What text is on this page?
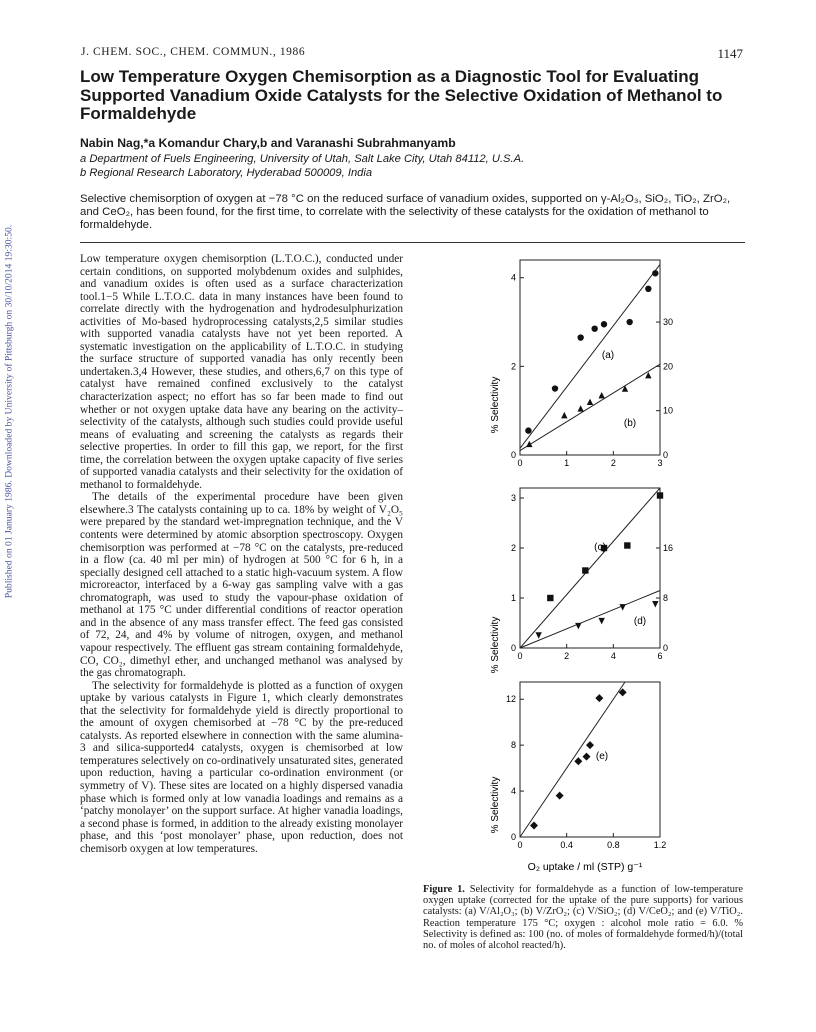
Published on 01 January 1986. Downloaded by University of Pittsburgh on 30/10/2014 19:30:50.
J. CHEM. SOC., CHEM. COMMUN., 1986	1147
Low Temperature Oxygen Chemisorption as a Diagnostic Tool for Evaluating Supported Vanadium Oxide Catalysts for the Selective Oxidation of Methanol to Formaldehyde
Nabin Nag,*a Komandur Chary,b and Varanashi Subrahmanyamb
a Department of Fuels Engineering, University of Utah, Salt Lake City, Utah 84112, U.S.A.
b Regional Research Laboratory, Hyderabad 500009, India
Selective chemisorption of oxygen at −78 °C on the reduced surface of vanadium oxides, supported on γ-Al₂O₃, SiO₂, TiO₂, ZrO₂, and CeO₂, has been found, for the first time, to correlate with the selectivity of these catalysts for the oxidation of methanol to formaldehyde.

Low temperature oxygen chemisorption (L.T.O.C.), conducted under certain conditions, on supported molybdenum oxides and sulphides, and vanadium oxides is often used as a surface characterization tool.1−5 While L.T.O.C. data in many instances have been found to correlate directly with the hydrogenation and hydrodesulphurization activities of Mo-based hydroprocessing catalysts,2,5 similar studies with supported vanadia catalysts have not yet been reported. A systematic investigation on the applicability of L.T.O.C. in studying the surface structure of supported vanadia has only recently been undertaken.3,4 However, these studies, and others,6,7 on this type of catalyst have remained confined exclusively to the catalyst characterization aspect; no effort has so far been made to find out whether or not oxygen uptake data have any bearing on the activity–selectivity of the catalysts, although such studies could provide useful means of evaluating and screening the catalysts as regards their selective properties. In order to fill this gap, we report, for the first time, the correlation between the oxygen uptake capacity of five series of supported vanadia catalysts and their selectivity for the oxidation of methanol to formaldehyde.

The details of the experimental procedure have been given elsewhere.3 The catalysts containing up to ca. 18% by weight of V₂O₅ were prepared by the standard wet-impregnation technique, and the V contents were determined by atomic absorption spectroscopy. Oxygen chemisorption was performed at −78 °C on the catalysts, pre-reduced in a flow (ca. 40 ml per min) of hydrogen at 500 °C for 6 h, in a specially designed cell attached to a static high-vacuum system. A flow microreactor, interfaced by a 6-way gas sampling valve with a gas chromatograph, was used to study the vapour-phase oxidation of methanol at 175 °C under differential conditions of reactor operation and in the absence of any mass transfer effect. The feed gas consisted of 72, 24, and 4% by volume of nitrogen, oxygen, and methanol vapour respectively. The effluent gas stream containing formaldehyde, CO, CO₂, dimethyl ether, and unchanged methanol was analysed by the gas chromatograph.

The selectivity for formaldehyde is plotted as a function of oxygen uptake by various catalysts in Figure 1, which clearly demonstrates that the selectivity for formaldehyde yield is directly proportional to the amount of oxygen chemisorbed at −78 °C by the pre-reduced catalysts. As reported elsewhere in connection with the same alumina-3 and silica-supported4 catalysts, oxygen is chemisorbed at low temperatures selectively on co-ordinatively unsaturated sites, generated upon reduction, having a particular co-ordination environment (or symmetry of V). These sites are located on a highly dispersed vanadia phase which is formed only at low vanadia loadings and remains as a ‘patchy monolayer’ on the support surface. At higher vanadia loadings, a second phase is formed, in addition to the already existing monolayer phase, and this ‘post monolayer’ phase, upon reduction, does not chemisorb oxygen at low temperatures.

0	1	2	3
0
2
4
0
10
20
30
(a)
(b)
0	2	4	6
0
1
2
3
0
8
16
(c)
(d)
0	0.4	0.8	1.2
0
4
8
12
(e)
% Selectivity
% Selectivity
% Selectivity
O₂ uptake / ml (STP) g⁻¹
Figure 1. Selectivity for formaldehyde as a function of low-temperature oxygen uptake (corrected for the uptake of the pure supports) for various catalysts: (a) V/Al₂O₃; (b) V/ZrO₂; (c) V/SiO₂; (d) V/CeO₂; and (e) V/TiO₂. Reaction temperature 175 °C; oxygen : alcohol mole ratio = 6.0. % Selectivity is defined as: 100 (no. of moles of formaldehyde formed/h)/(total no. of moles of alcohol reacted/h).
